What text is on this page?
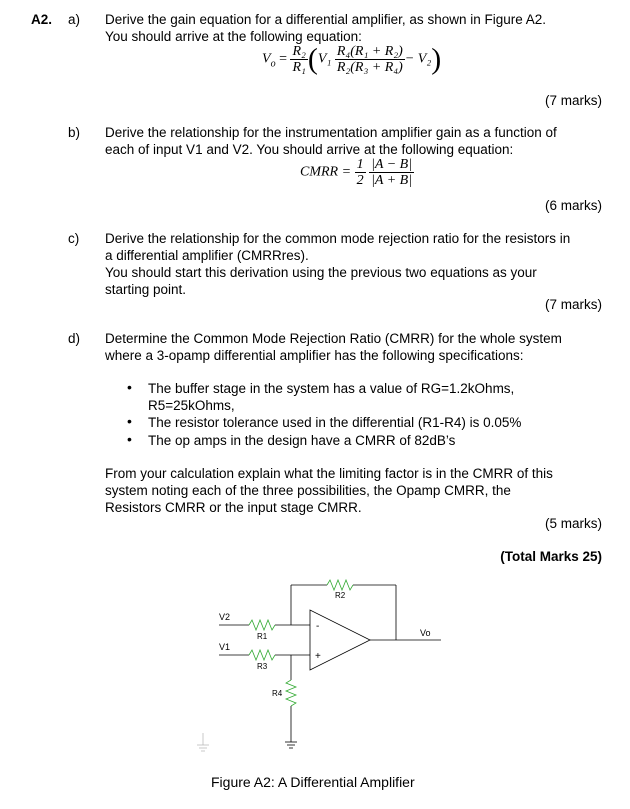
A2. a) Derive the gain equation for a differential amplifier, as shown in Figure A2.
You should arrive at the following equation:
$V_o = \frac{\text{R₂}}{\text{R₁}} (V_1 \frac{\text{R₄(R₁ + R₂)}}{\text{R₂(R₃ + R₄)}} - V_2)$
(7 marks)
b) Derive the relationship for the instrumentation amplifier gain as a function of
each of input V1 and V2. You should arrive at the following equation:
CMRR = $\frac{1}{2}$
$\frac{|A - B|}{|A + B|}$
(6 marks)
c) Derive the relationship for the common mode rejection ratio for the resistors in
a differential amplifier (CMRRres).
You should start this derivation using the previous two equations as your
starting point.
(7 marks)
d) Determine the Common Mode Rejection Ratio (CMRR) for the whole system
where a 3-opamp differential amplifier has the following specifications:
• The buffer stage in the system has a value of RG=1.2kOhms,
R5=25kOhms,
• The resistor tolerance used in the differential (R1-R4) is 0.05%
• The op amps in the design have a CMRR of 82dB’s
From your calculation explain what the limiting factor is in the CMRR of this
system noting each of the three possibilities, the Opamp CMRR, the
Resistors CMRR or the input stage CMRR.
(5 marks)
(Total Marks 25)
V2
V1
R1
R3
R2
R4
Vo
-
+
Figure A2: A Differential Amplifier
